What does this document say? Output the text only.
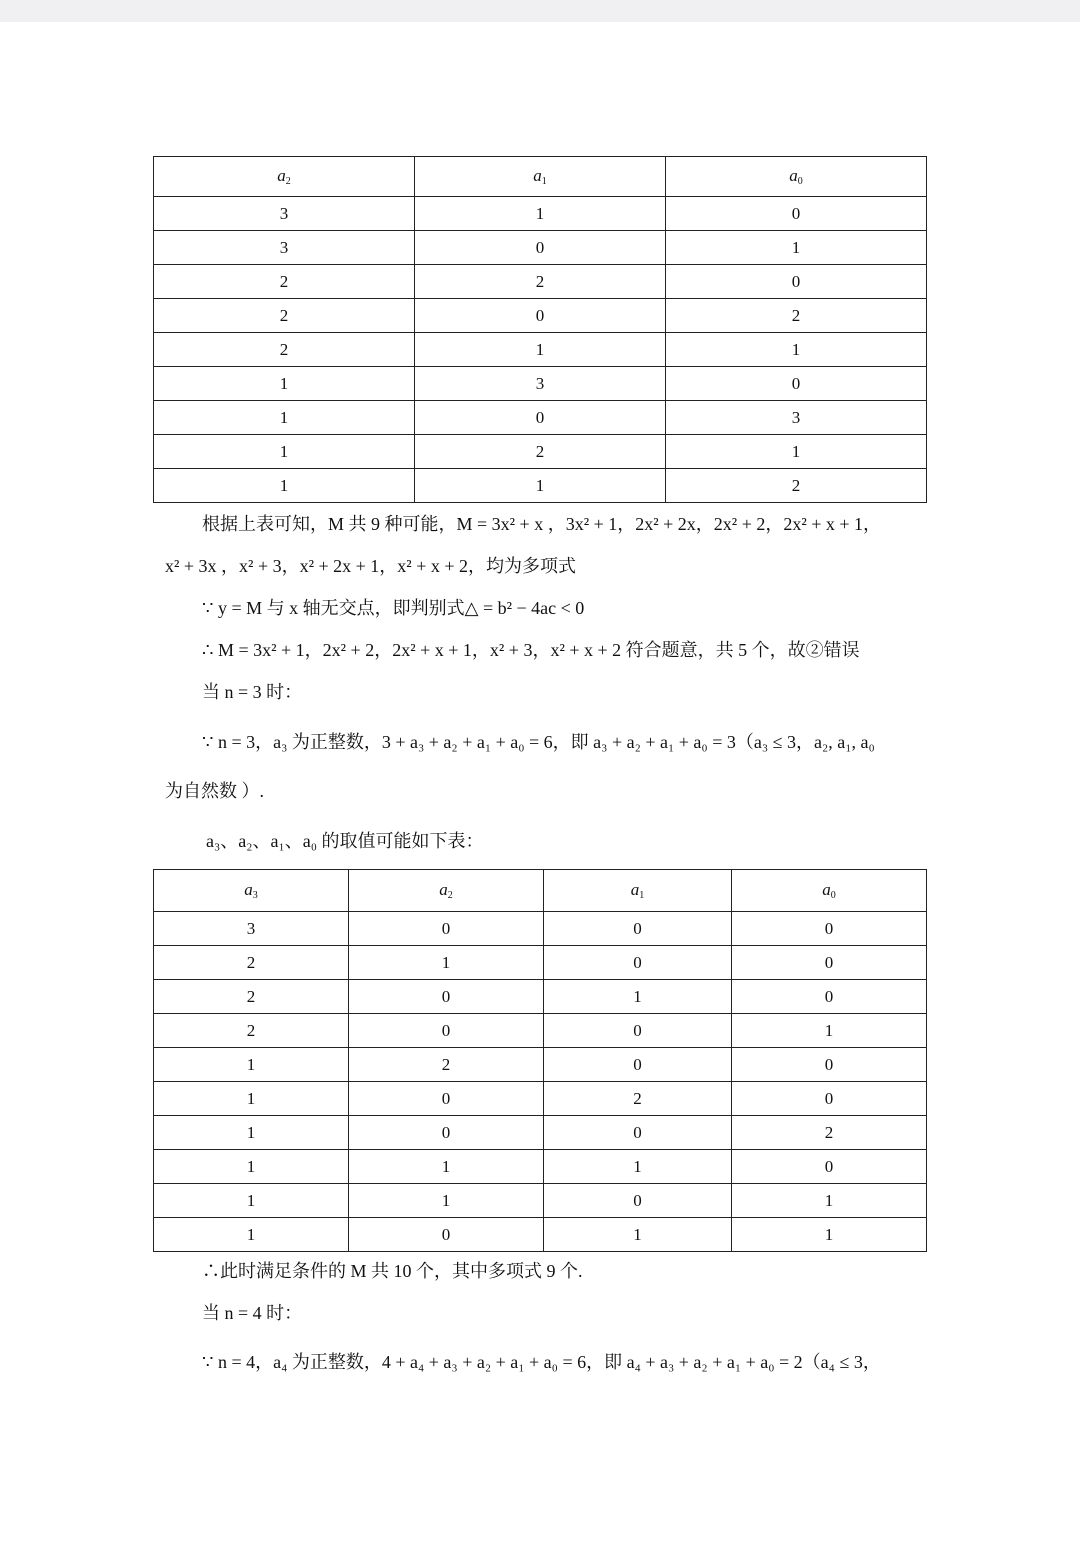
$a_2$	$a_1$	$a_0$
3	1	0
3	0	1
2	2	0
2	0	2
2	1	1
1	3	0
1	0	3
1	2	1
1	1	2
根据上表可知，M 共 9 种可能，M = 3x² + x ，3x² + 1，2x² + 2x，2x² + 2，2x² + x + 1，
x² + 3x ，x² + 3，x² + 2x + 1，x² + x + 2，均为多项式
∵ y = M 与 x 轴无交点，即判别式△ = b² − 4ac < 0
∴ M = 3x² + 1，2x² + 2，2x² + x + 1，x² + 3，x² + x + 2 符合题意，共 5 个，故②错误
当 n = 3 时：
∵ n = 3，a₃ 为正整数，3 + a₃ + a₂ + a₁ + a₀ = 6，即 a₃ + a₂ + a₁ + a₀ = 3（a₃ ≤ 3，a₂, a₁, a₀
为自然数 ）.
a₃、a₂、a₁、a₀ 的取值可能如下表：
$a_3$	$a_2$	$a_1$	$a_0$
3	0	0	0
2	1	0	0
2	0	1	0
2	0	0	1
1	2	0	0
1	0	2	0
1	0	0	2
1	1	1	0
1	1	0	1
1	0	1	1
∴此时满足条件的 M 共 10 个，其中多项式 9 个.
当 n = 4 时：
∵ n = 4，a₄ 为正整数，4 + a₄ + a₃ + a₂ + a₁ + a₀ = 6，即 a₄ + a₃ + a₂ + a₁ + a₀ = 2（a₄ ≤ 3，
